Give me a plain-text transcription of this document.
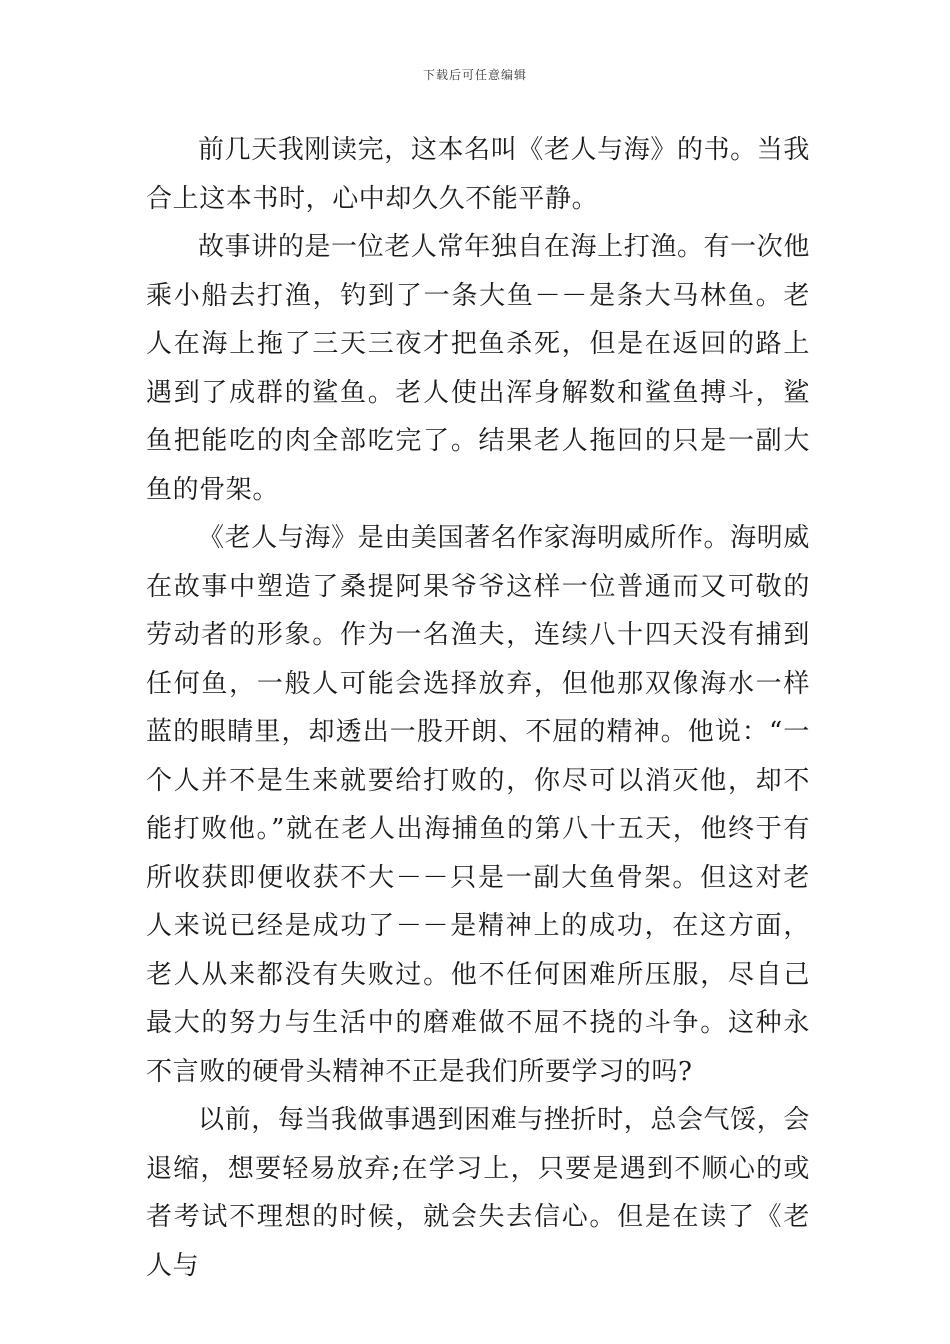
下载后可任意编辑

前几天我刚读完，这本名叫《老人与海》的书。当我合上这本书时，心中却久久不能平静。

故事讲的是一位老人常年独自在海上打渔。有一次他乘小船去打渔，钓到了一条大鱼－－是条大马林鱼。老人在海上拖了三天三夜才把鱼杀死，但是在返回的路上遇到了成群的鲨鱼。老人使出浑身解数和鲨鱼搏斗，鲨鱼把能吃的肉全部吃完了。结果老人拖回的只是一副大鱼的骨架。

《老人与海》是由美国著名作家海明威所作。海明威在故事中塑造了桑提阿果爷爷这样一位普通而又可敬的劳动者的形象。作为一名渔夫，连续八十四天没有捕到任何鱼，一般人可能会选择放弃，但他那双像海水一样蓝的眼睛里，却透出一股开朗、不屈的精神。他说：“一个人并不是生来就要给打败的，你尽可以消灭他，却不能打败他。”就在老人出海捕鱼的第八十五天，他终于有所收获即便收获不大－－只是一副大鱼骨架。但这对老人来说已经是成功了－－是精神上的成功，在这方面，老人从来都没有失败过。他不任何困难所压服，尽自己最大的努力与生活中的磨难做不屈不挠的斗争。这种永不言败的硬骨头精神不正是我们所要学习的吗?

以前，每当我做事遇到困难与挫折时，总会气馁，会退缩，想要轻易放弃;在学习上，只要是遇到不顺心的或者考试不理想的时候，就会失去信心。但是在读了《老人与
